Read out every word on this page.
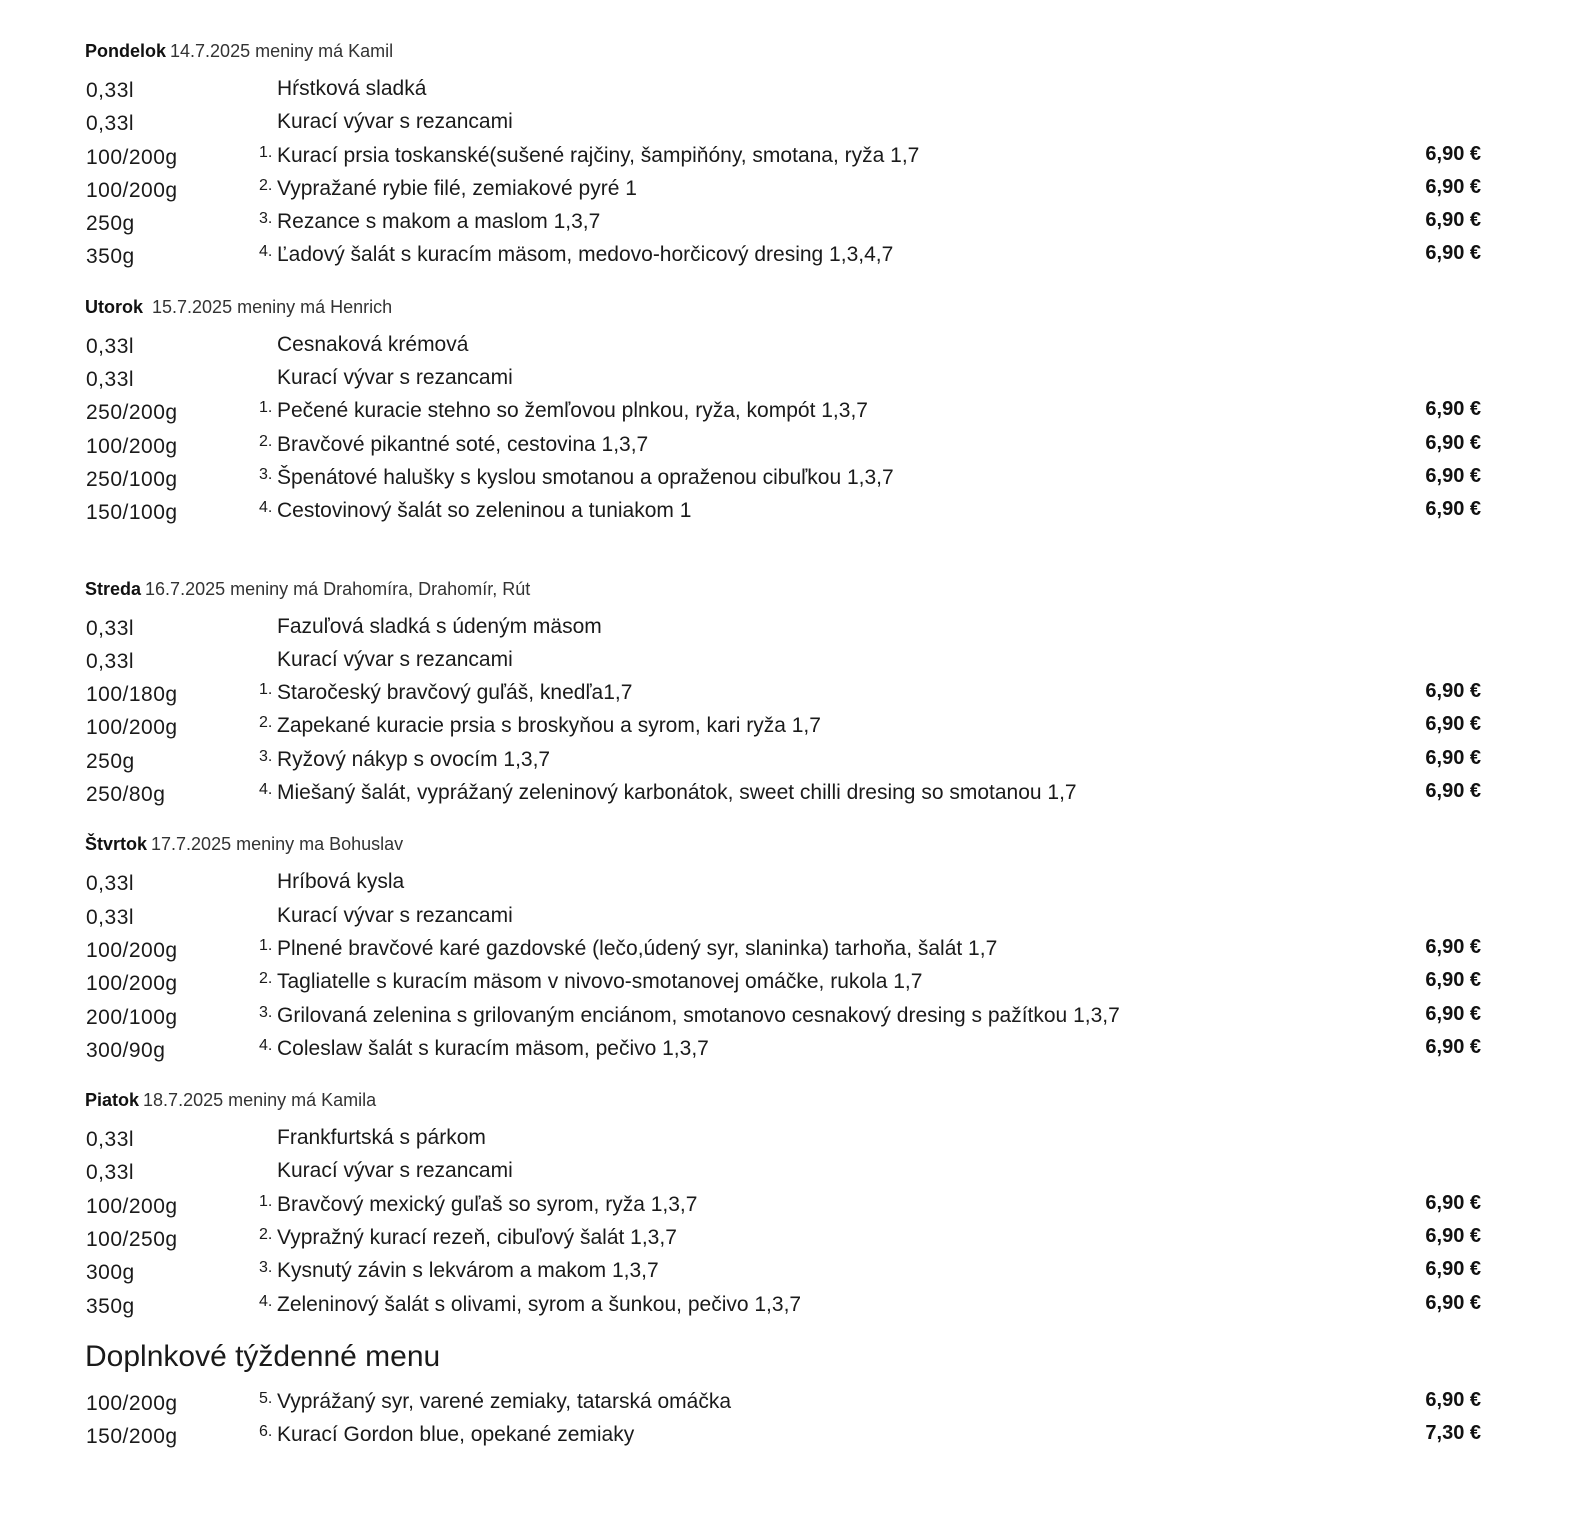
Pondelok 14.7.2025 meniny má Kamil
0,33l	Hŕstková sladká
0,33l	Kurací vývar s rezancami
100/200g	1. Kurací prsia toskanské(sušené rajčiny, šampiňóny, smotana, ryža 1,7	6,90 €
100/200g	2. Vypražané rybie filé, zemiakové pyré 1	6,90 €
250g	3. Rezance s makom a maslom 1,3,7	6,90 €
350g	4. Ľadový šalát s kuracím mäsom, medovo-horčicový dresing 1,3,4,7	6,90 €
Utorok 15.7.2025 meniny má Henrich
0,33l	Cesnaková krémová
0,33l	Kurací vývar s rezancami
250/200g	1. Pečené kuracie stehno so žemľovou plnkou, ryža, kompót 1,3,7	6,90 €
100/200g	2. Bravčové pikantné soté, cestovina 1,3,7	6,90 €
250/100g	3. Špenátové halušky s kyslou smotanou a opraženou cibuľkou 1,3,7	6,90 €
150/100g	4. Cestovinový šalát so zeleninou a tuniakom 1	6,90 €
Streda 16.7.2025 meniny má Drahomíra, Drahomír, Rút
0,33l	Fazuľová sladká s údeným mäsom
0,33l	Kurací vývar s rezancami
100/180g	1. Staročeský bravčový guľáš, knedľa1,7	6,90 €
100/200g	2. Zapekané kuracie prsia s broskyňou a syrom, kari ryža 1,7	6,90 €
250g	3. Ryžový nákyp s ovocím 1,3,7	6,90 €
250/80g	4. Miešaný šalát, vyprážaný zeleninový karbonátok, sweet chilli dresing so smotanou 1,7	6,90 €
Štvrtok 17.7.2025 meniny ma Bohuslav
0,33l	Hríbová kysla
0,33l	Kurací vývar s rezancami
100/200g	1. Plnené bravčové karé gazdovské (lečo,údený syr, slaninka) tarhoňa, šalát 1,7	6,90 €
100/200g	2. Tagliatelle s kuracím mäsom v nivovo-smotanovej omáčke, rukola 1,7	6,90 €
200/100g	3. Grilovaná zelenina s grilovaným enciánom, smotanovo cesnakový dresing s pažítkou 1,3,7	6,90 €
300/90g	4. Coleslaw šalát s kuracím mäsom, pečivo 1,3,7	6,90 €
Piatok 18.7.2025 meniny má Kamila
0,33l	Frankfurtská s párkom
0,33l	Kurací vývar s rezancami
100/200g	1. Bravčový mexický guľaš so syrom, ryža 1,3,7	6,90 €
100/250g	2. Vypražný kurací rezeň, cibuľový šalát 1,3,7	6,90 €
300g	3. Kysnutý závin s lekvárom a makom 1,3,7	6,90 €
350g	4. Zeleninový šalát s olivami, syrom a šunkou, pečivo 1,3,7	6,90 €
Doplnkové týždenné menu
100/200g	5. Vyprážaný syr, varené zemiaky, tatarská omáčka	6,90 €
150/200g	6. Kurací Gordon blue, opekané zemiaky	7,30 €
